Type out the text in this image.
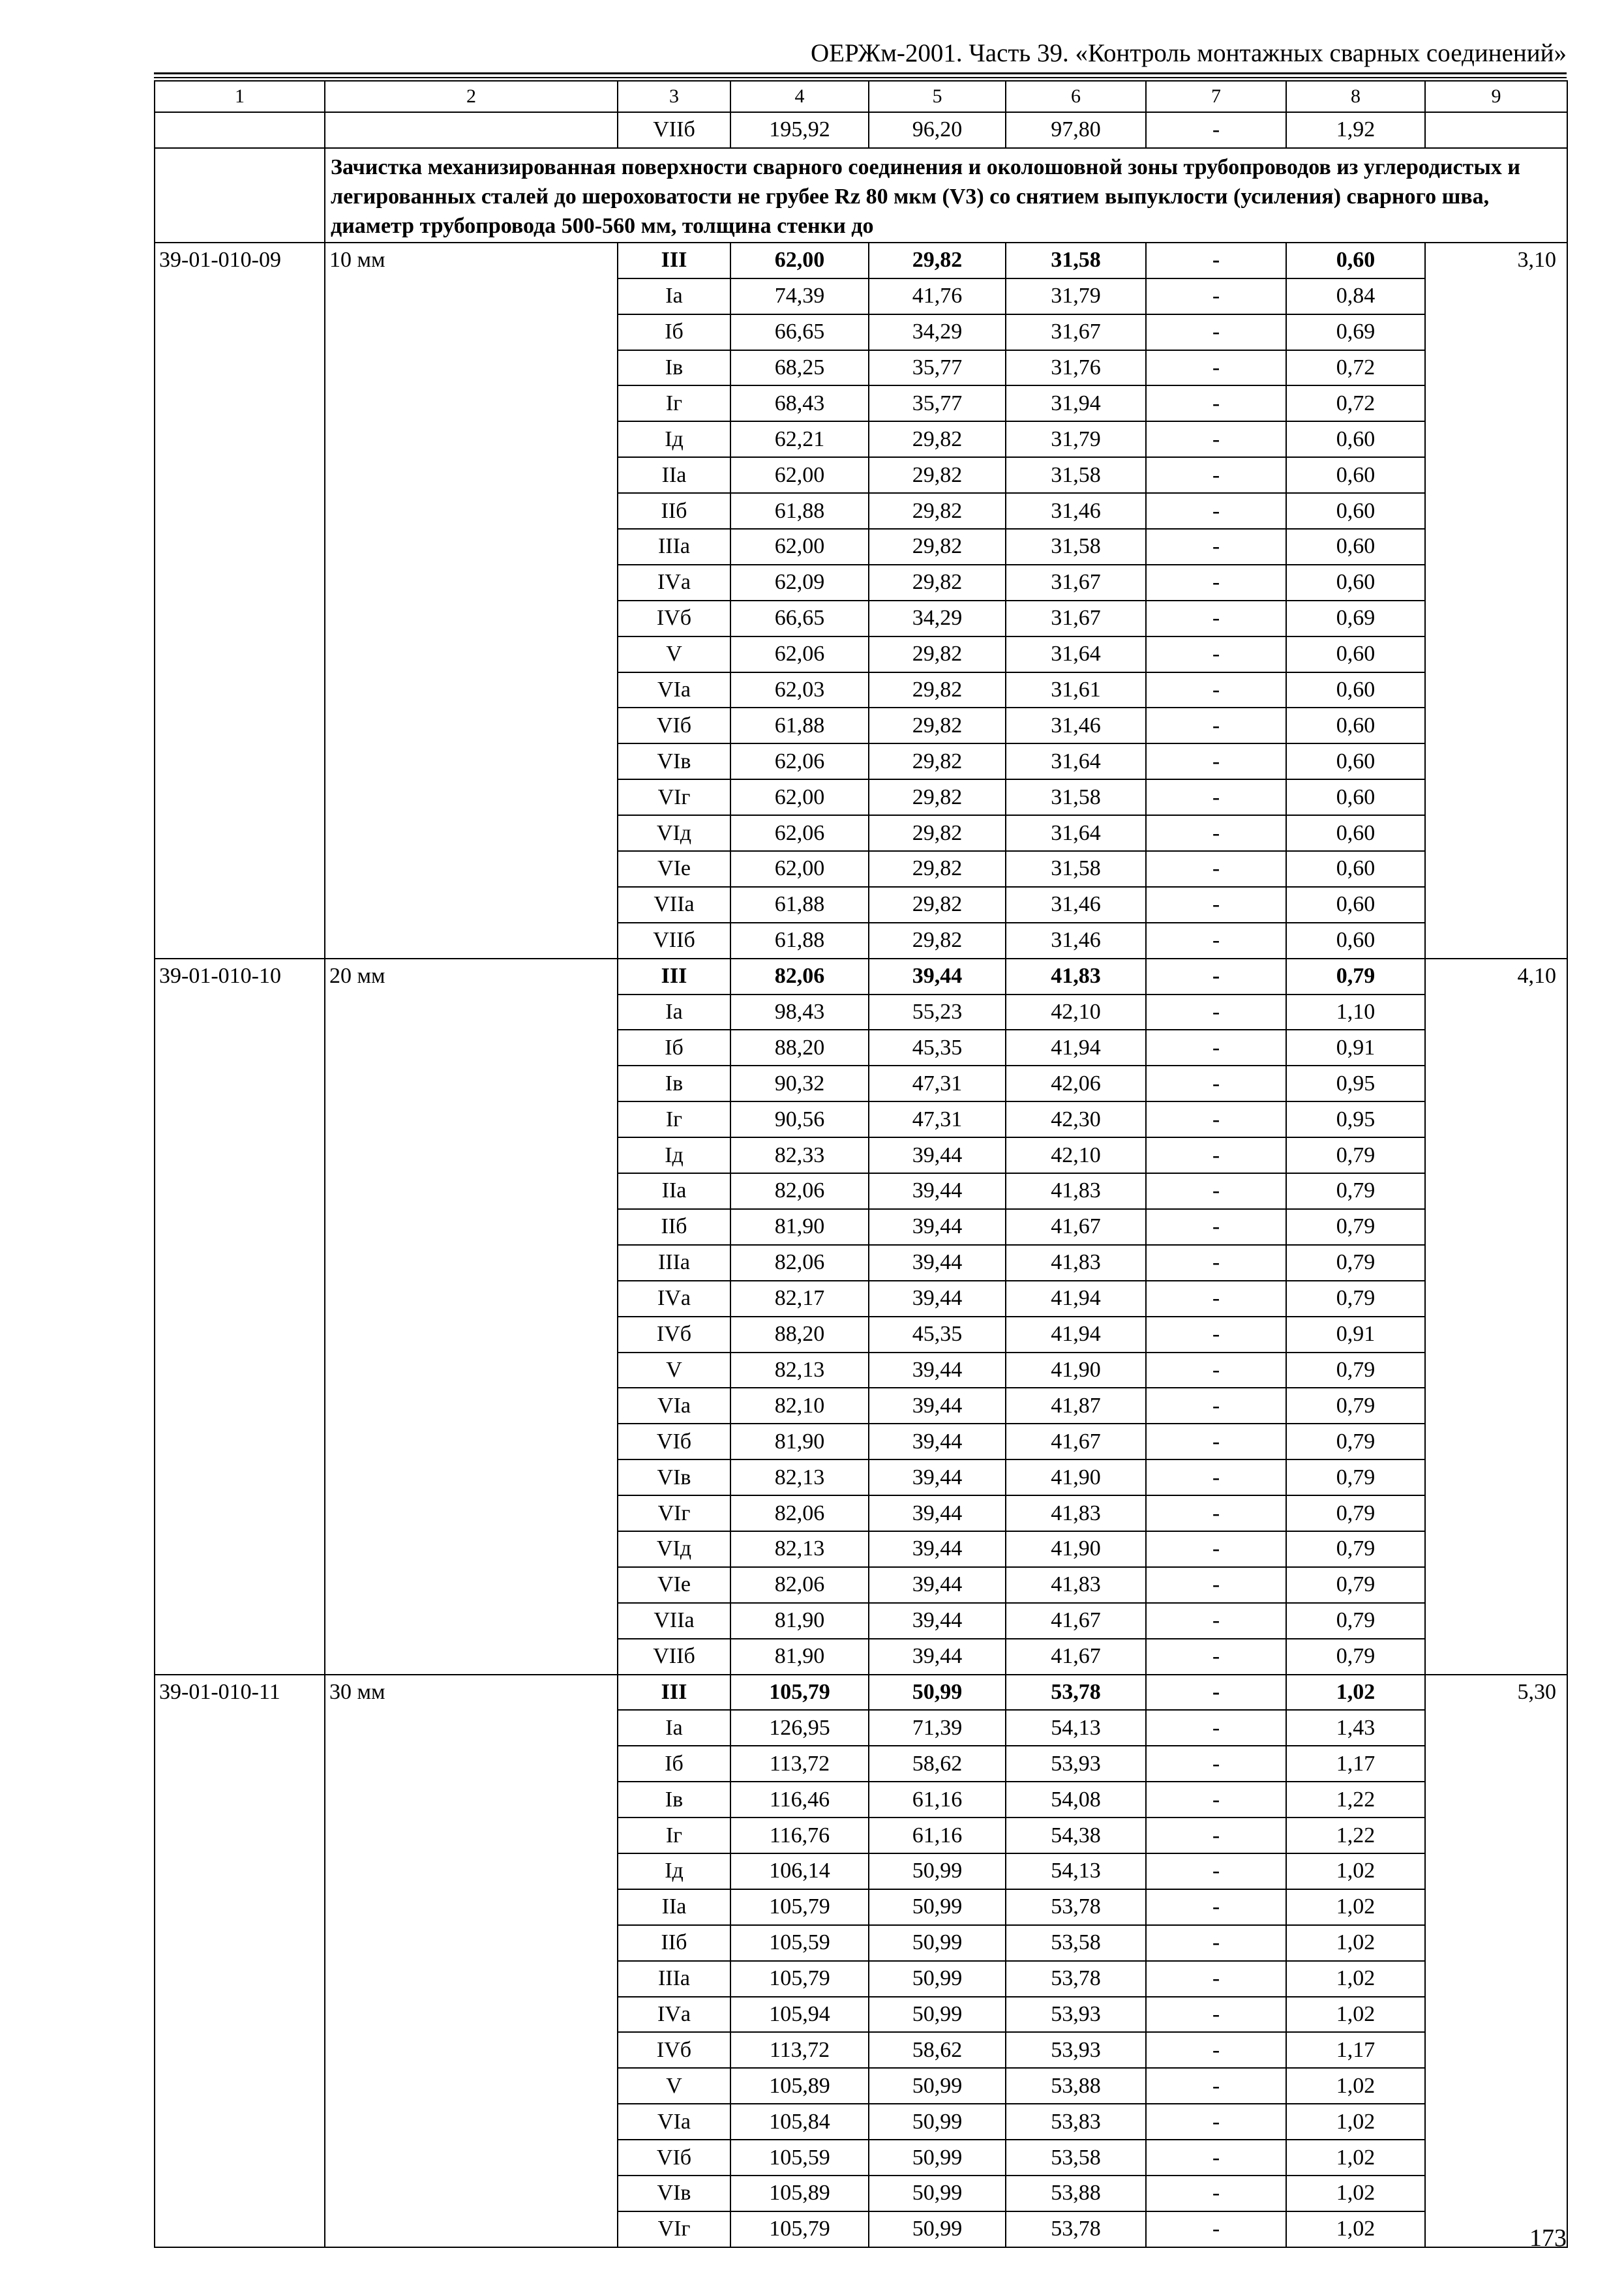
ОЕРЖм-2001. Часть 39. «Контроль монтажных сварных соединений»
1	2	3	4	5	6	7	8	9
		VIIб	195,92	96,20	97,80	-	1,92	
	Зачистка механизированная поверхности сварного соединения и околошовной зоны трубопроводов из углеродистых и легированных сталей до шероховатости не грубее Rz 80 мкм (V3) со снятием выпуклости (усиления) сварного шва, диаметр трубопровода 500-560 мм, толщина стенки до							
39-01-010-09	10 мм	III	62,00	29,82	31,58	-	0,60	3,10
		Iа	74,39	41,76	31,79	-	0,84	
		Iб	66,65	34,29	31,67	-	0,69	
		Iв	68,25	35,77	31,76	-	0,72	
		Iг	68,43	35,77	31,94	-	0,72	
		Iд	62,21	29,82	31,79	-	0,60	
		IIа	62,00	29,82	31,58	-	0,60	
		IIб	61,88	29,82	31,46	-	0,60	
		IIIа	62,00	29,82	31,58	-	0,60	
		IVа	62,09	29,82	31,67	-	0,60	
		IVб	66,65	34,29	31,67	-	0,69	
		V	62,06	29,82	31,64	-	0,60	
		VIа	62,03	29,82	31,61	-	0,60	
		VIб	61,88	29,82	31,46	-	0,60	
		VIв	62,06	29,82	31,64	-	0,60	
		VIг	62,00	29,82	31,58	-	0,60	
		VIд	62,06	29,82	31,64	-	0,60	
		VIе	62,00	29,82	31,58	-	0,60	
		VIIа	61,88	29,82	31,46	-	0,60	
		VIIб	61,88	29,82	31,46	-	0,60	
39-01-010-10	20 мм	III	82,06	39,44	41,83	-	0,79	4,10
		Iа	98,43	55,23	42,10	-	1,10	
		Iб	88,20	45,35	41,94	-	0,91	
		Iв	90,32	47,31	42,06	-	0,95	
		Iг	90,56	47,31	42,30	-	0,95	
		Iд	82,33	39,44	42,10	-	0,79	
		IIа	82,06	39,44	41,83	-	0,79	
		IIб	81,90	39,44	41,67	-	0,79	
		IIIа	82,06	39,44	41,83	-	0,79	
		IVа	82,17	39,44	41,94	-	0,79	
		IVб	88,20	45,35	41,94	-	0,91	
		V	82,13	39,44	41,90	-	0,79	
		VIа	82,10	39,44	41,87	-	0,79	
		VIб	81,90	39,44	41,67	-	0,79	
		VIв	82,13	39,44	41,90	-	0,79	
		VIг	82,06	39,44	41,83	-	0,79	
		VIд	82,13	39,44	41,90	-	0,79	
		VIе	82,06	39,44	41,83	-	0,79	
		VIIа	81,90	39,44	41,67	-	0,79	
		VIIб	81,90	39,44	41,67	-	0,79	
39-01-010-11	30 мм	III	105,79	50,99	53,78	-	1,02	5,30
		Iа	126,95	71,39	54,13	-	1,43	
		Iб	113,72	58,62	53,93	-	1,17	
		Iв	116,46	61,16	54,08	-	1,22	
		Iг	116,76	61,16	54,38	-	1,22	
		Iд	106,14	50,99	54,13	-	1,02	
		IIа	105,79	50,99	53,78	-	1,02	
		IIб	105,59	50,99	53,58	-	1,02	
		IIIа	105,79	50,99	53,78	-	1,02	
		IVа	105,94	50,99	53,93	-	1,02	
		IVб	113,72	58,62	53,93	-	1,17	
		V	105,89	50,99	53,88	-	1,02	
		VIа	105,84	50,99	53,83	-	1,02	
		VIб	105,59	50,99	53,58	-	1,02	
		VIв	105,89	50,99	53,88	-	1,02	
		VIг	105,79	50,99	53,78	-	1,02		173
